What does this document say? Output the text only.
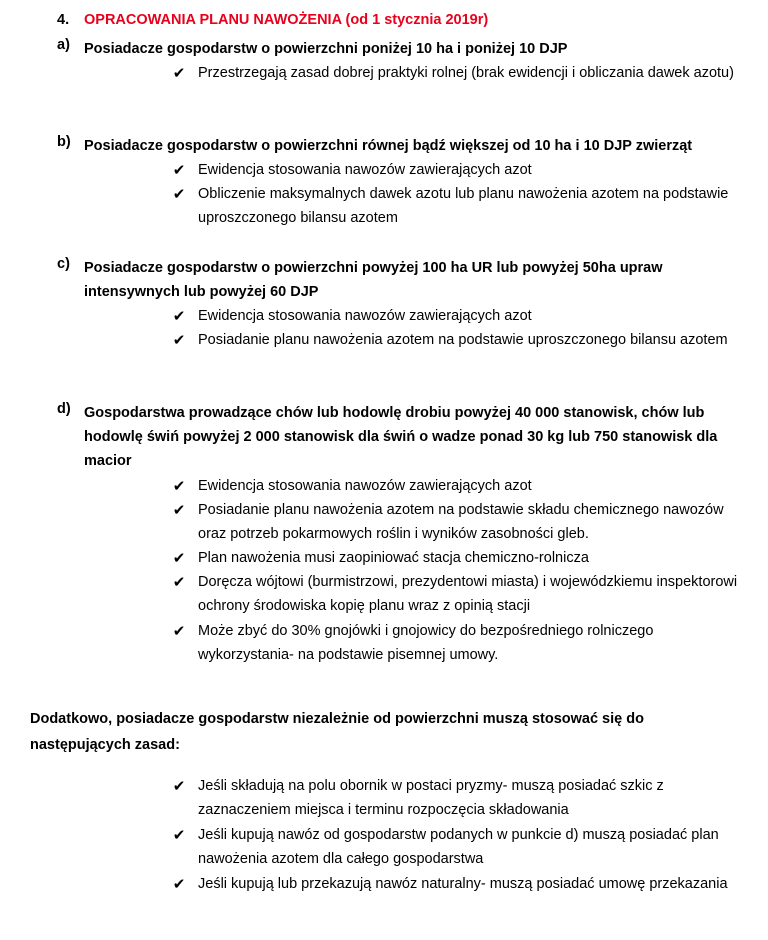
4. OPRACOWANIA PLANU NAWOŻENIA (od 1 stycznia 2019r)
a) Posiadacze gospodarstw o powierzchni poniżej 10 ha i poniżej 10 DJP
✔ Przestrzegają zasad dobrej praktyki rolnej (brak ewidencji i obliczania dawek azotu)
b) Posiadacze gospodarstw o powierzchni równej bądź większej od 10 ha i 10 DJP zwierząt
✔ Ewidencja stosowania nawozów zawierających azot
✔ Obliczenie maksymalnych dawek azotu lub planu nawożenia azotem na podstawie uproszczonego bilansu azotem
c) Posiadacze gospodarstw o powierzchni powyżej 100 ha UR lub powyżej 50ha upraw intensywnych lub powyżej 60 DJP
✔ Ewidencja stosowania nawozów zawierających azot
✔ Posiadanie planu nawożenia azotem na podstawie uproszczonego bilansu azotem
d) Gospodarstwa prowadzące chów lub hodowlę drobiu powyżej 40 000 stanowisk, chów lub hodowlę świń powyżej 2 000 stanowisk dla świń o wadze ponad 30 kg lub 750 stanowisk dla macior
✔ Ewidencja stosowania nawozów zawierających azot
✔ Posiadanie planu nawożenia azotem na podstawie składu chemicznego nawozów oraz potrzeb pokarmowych roślin i wyników zasobności gleb.
✔ Plan nawożenia musi zaopiniować stacja chemiczno-rolnicza
✔ Doręcza wójtowi (burmistrzowi, prezydentowi miasta) i wojewódzkiemu inspektorowi ochrony środowiska kopię planu wraz z opinią stacji
✔ Może zbyć do 30% gnojówki i gnojowicy do bezpośredniego rolniczego wykorzystania- na podstawie pisemnej umowy.
Dodatkowo, posiadacze gospodarstw niezależnie od powierzchni muszą stosować się do następujących zasad:
✔ Jeśli składują na polu obornik w postaci pryzmy- muszą posiadać szkic z zaznaczeniem miejsca i terminu rozpoczęcia składowania
✔ Jeśli kupują nawóz od gospodarstw podanych w punkcie d) muszą posiadać plan nawożenia azotem dla całego gospodarstwa
✔ Jeśli kupują lub przekazują nawóz naturalny- muszą posiadać umowę przekazania
